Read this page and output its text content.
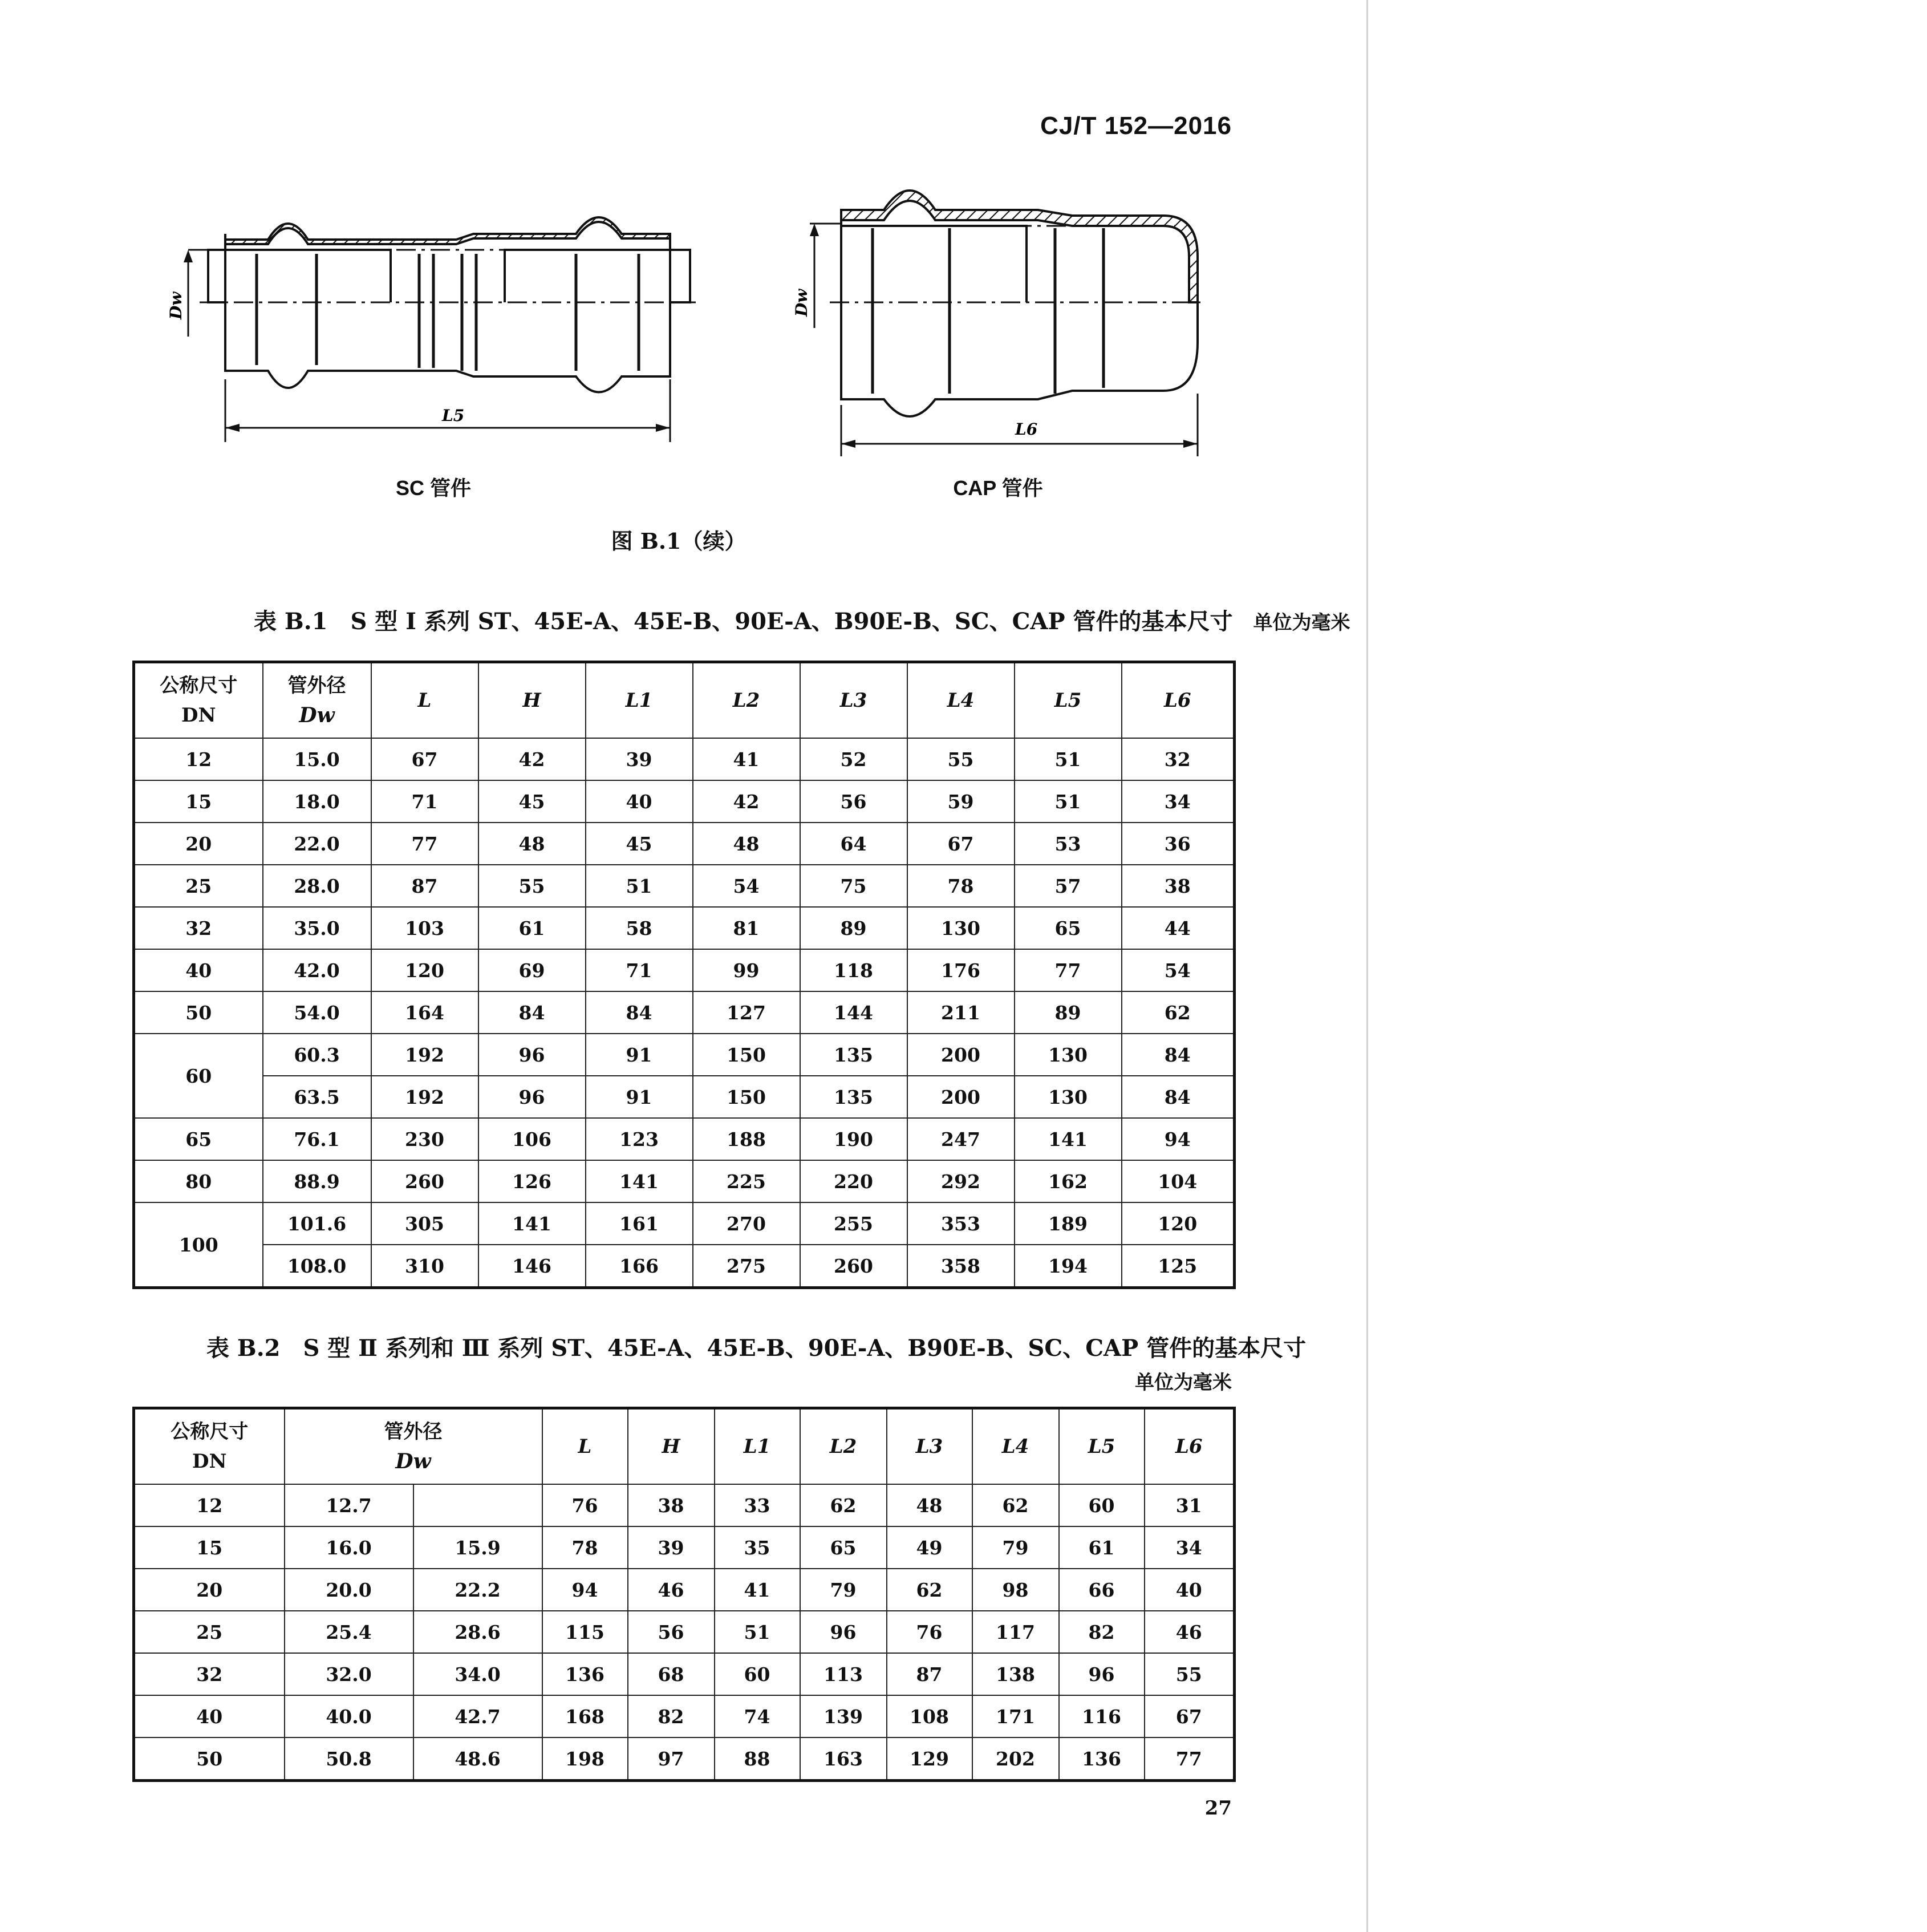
CJ/T 152—2016
Dw
L5
SC 管件
Dw
L6
CAP 管件
图 B.1（续）
表 B.1　S 型 Ⅰ 系列 ST、45E-A、45E-B、90E-A、B90E-B、SC、CAP 管件的基本尺寸 单位为毫米
公称尺寸
DN	管外径
Dw	L	H	L1	L2	L3	L4	L5	L6
12	15.0	67	42	39	41	52	55	51	32
15	18.0	71	45	40	42	56	59	51	34
20	22.0	77	48	45	48	64	67	53	36
25	28.0	87	55	51	54	75	78	57	38
32	35.0	103	61	58	81	89	130	65	44
40	42.0	120	69	71	99	118	176	77	54
50	54.0	164	84	84	127	144	211	89	62
60	60.3	192	96	91	150	135	200	130	84
	63.5	192	96	91	150	135	200	130	84
65	76.1	230	106	123	188	190	247	141	94
80	88.9	260	126	141	225	220	292	162	104
100	101.6	305	141	161	270	255	353	189	120
	108.0	310	146	166	275	260	358	194	125
表 B.2　S 型 Ⅱ 系列和 Ⅲ 系列 ST、45E-A、45E-B、90E-A、B90E-B、SC、CAP 管件的基本尺寸
单位为毫米
公称尺寸
DN	管外径
Dw		L	H	L1	L2	L3	L4	L5	L6
12	12.7		76	38	33	62	48	62	60	31
15	16.0	15.9	78	39	35	65	49	79	61	34
20	20.0	22.2	94	46	41	79	62	98	66	40
25	25.4	28.6	115	56	51	96	76	117	82	46
32	32.0	34.0	136	68	60	113	87	138	96	55
40	40.0	42.7	168	82	74	139	108	171	116	67
50	50.8	48.6	198	97	88	163	129	202	136	77
27
